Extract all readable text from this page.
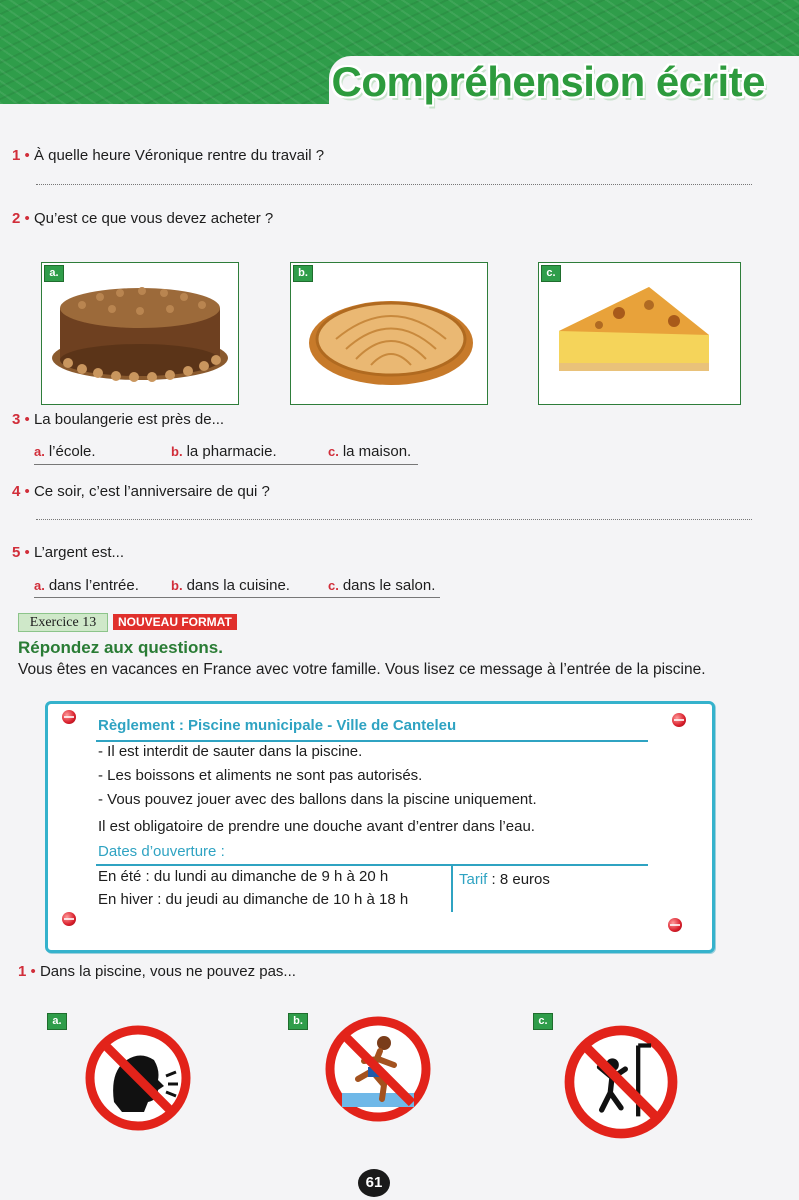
Compréhension écrite
1 • À quelle heure Véronique rentre du travail ?
2 • Qu’est ce que vous devez acheter ?
a.	b.	c.
3 • La boulangerie est près de...
a. l’école.	b. la pharmacie.	c. la maison.
4 • Ce soir, c’est l’anniversaire de qui ?
5 • L’argent est...
a. dans l’entrée. b. dans la cuisine.	c. dans le salon.
Exercice 13	NOUVEAU FORMAT
Répondez aux questions.
Vous êtes en vacances en France avec votre famille. Vous lisez ce message à l’entrée de la piscine.
Règlement : Piscine municipale - Ville de Canteleu
- Il est interdit de sauter dans la piscine.
- Les boissons et aliments ne sont pas autorisés.
- Vous pouvez jouer avec des ballons dans la piscine uniquement.
Il est obligatoire de prendre une douche avant d’entrer dans l’eau.
Dates d’ouverture :
En été : du lundi au dimanche de 9 h à 20 h
En hiver : du jeudi au dimanche de 10 h à 18 h
Tarif : 8 euros
1 • Dans la piscine, vous ne pouvez pas...
a.	b.	c.
61
